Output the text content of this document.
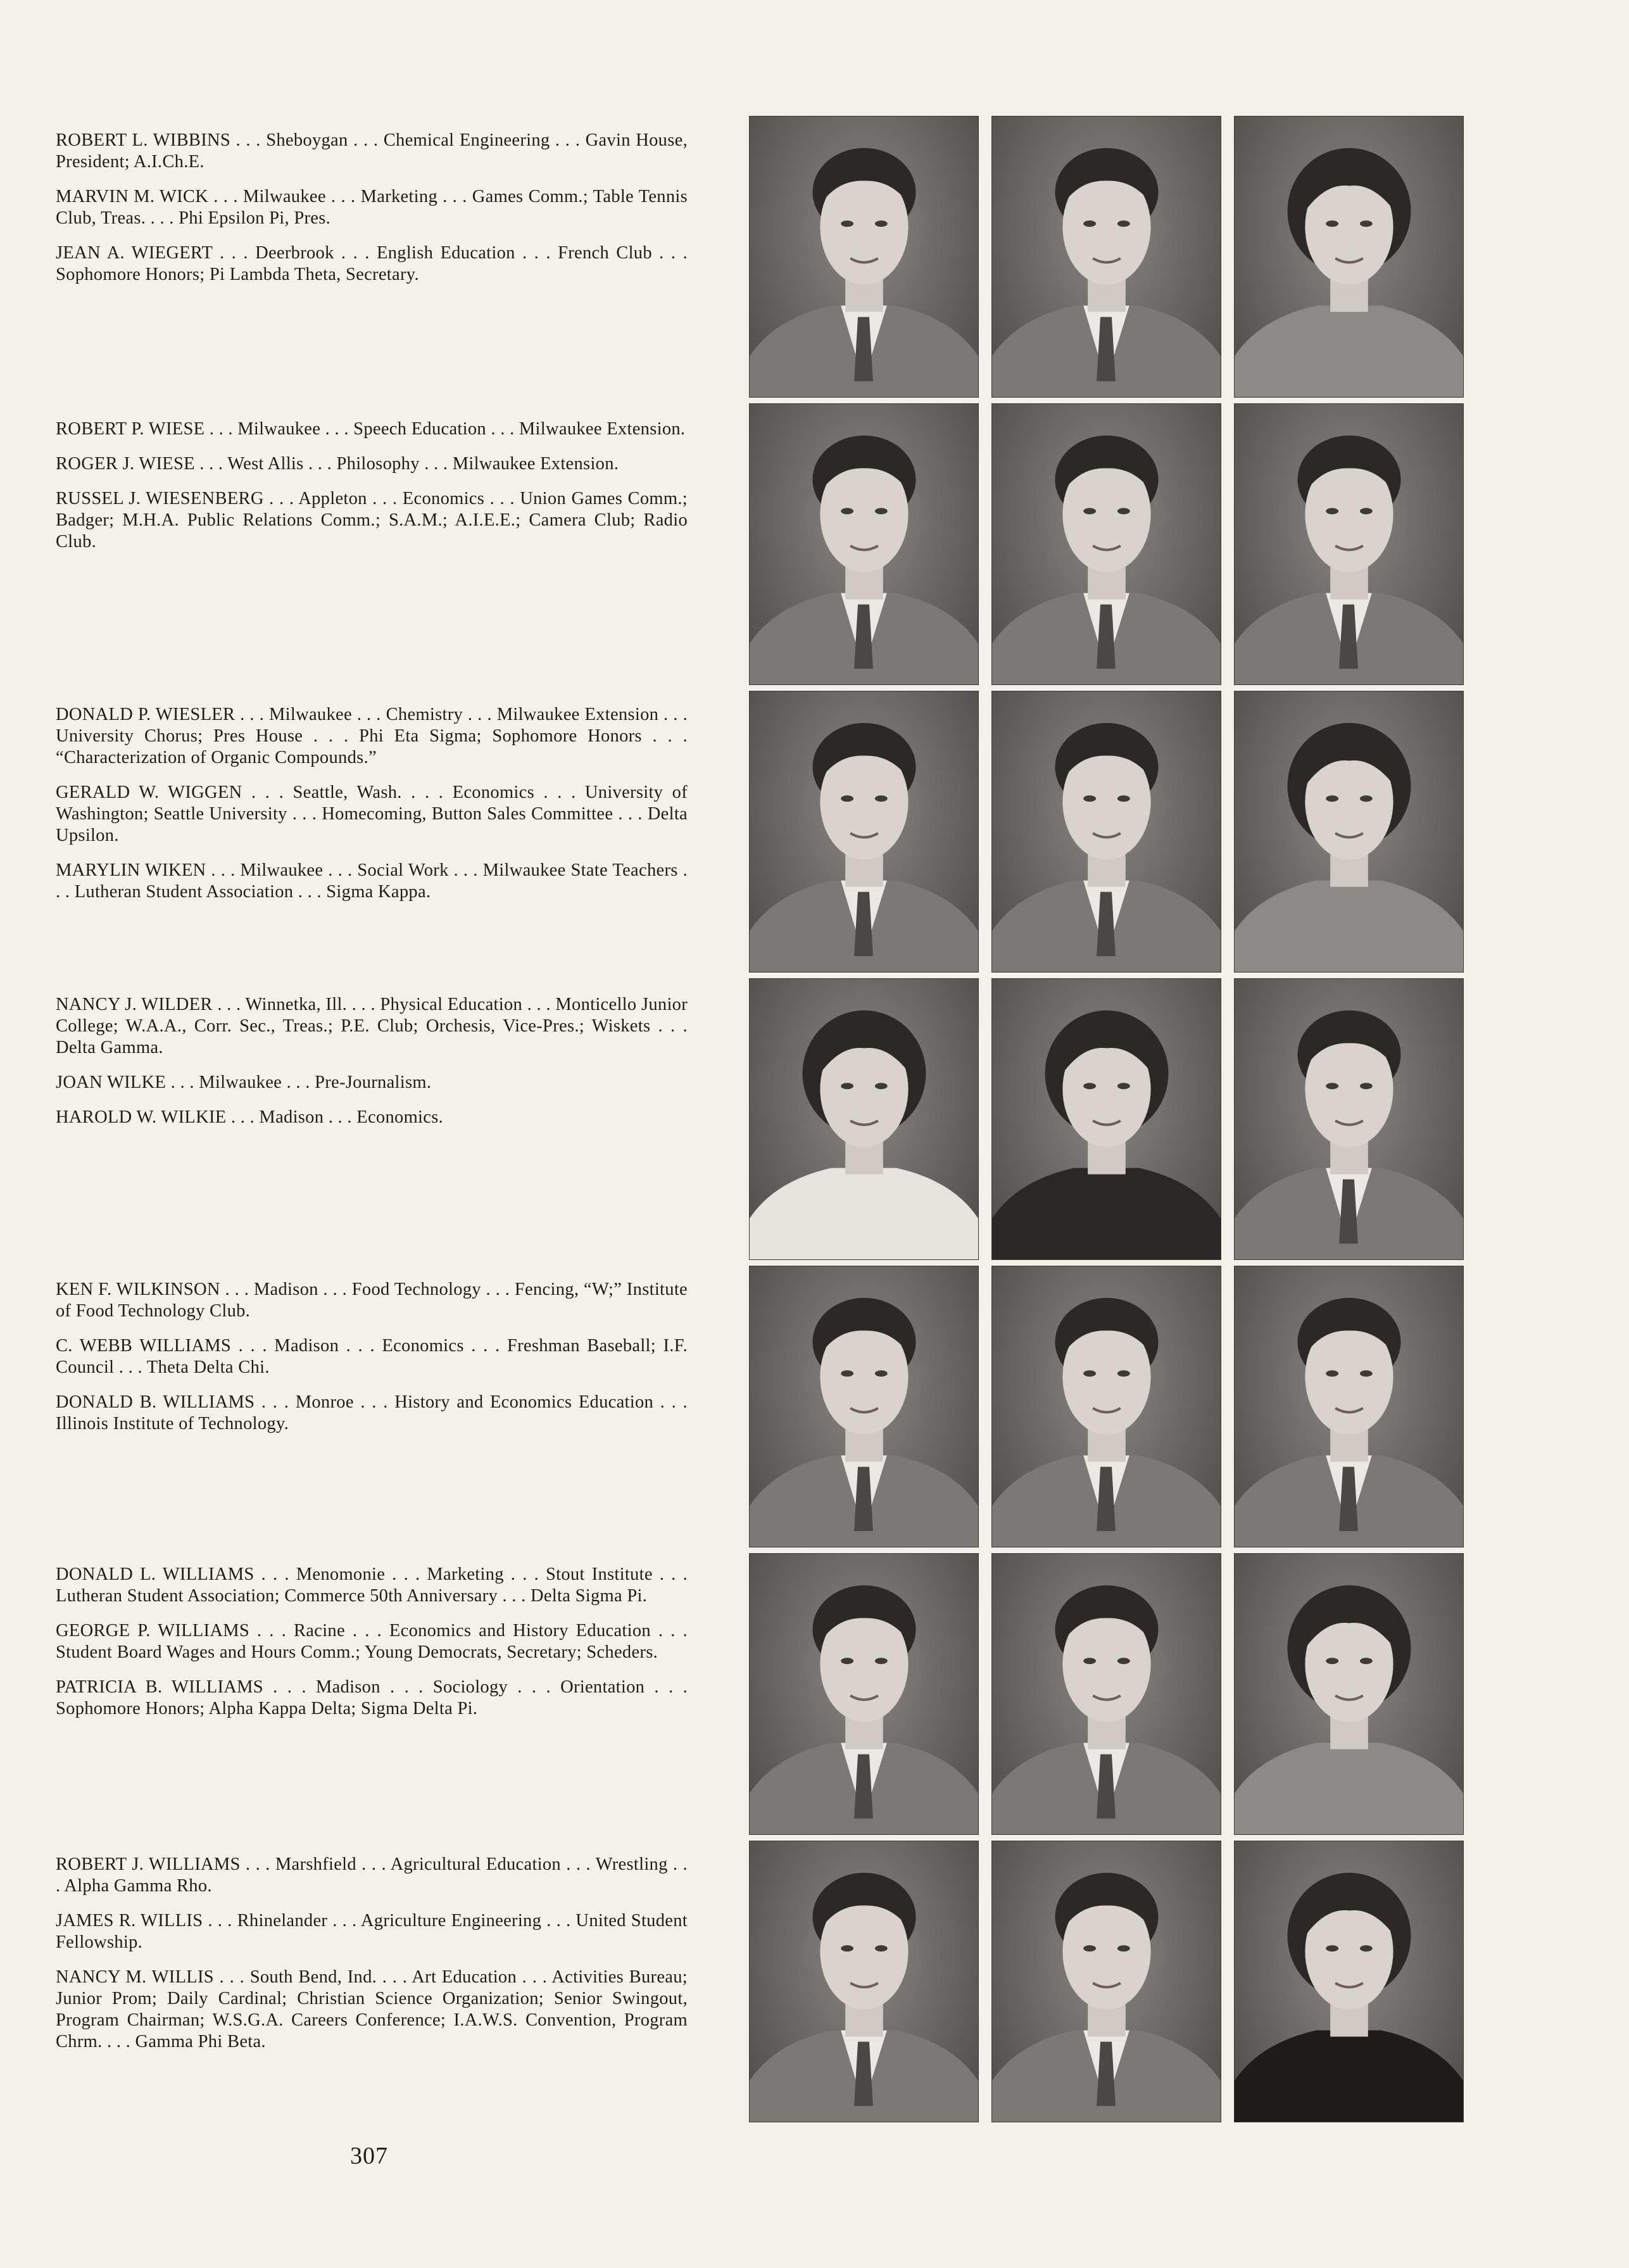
ROBERT L. WIBBINS . . . Sheboygan . . . Chemical Engineering . . . Gavin House, President; A.I.Ch.E.

MARVIN M. WICK . . . Milwaukee . . . Marketing . . . Games Comm.; Table Tennis Club, Treas. . . . Phi Epsilon Pi, Pres.

JEAN A. WIEGERT . . . Deerbrook . . . English Education . . . French Club . . . Sophomore Honors; Pi Lambda Theta, Secretary.

ROBERT P. WIESE . . . Milwaukee . . . Speech Education . . . Milwaukee Extension.

ROGER J. WIESE . . . West Allis . . . Philosophy . . . Milwaukee Extension.

RUSSEL J. WIESENBERG . . . Appleton . . . Economics . . . Union Games Comm.; Badger; M.H.A. Public Relations Comm.; S.A.M.; A.I.E.E.; Camera Club; Radio Club.

DONALD P. WIESLER . . . Milwaukee . . . Chemistry . . . Milwaukee Extension . . . University Chorus; Pres House . . . Phi Eta Sigma; Sophomore Honors . . . “Characterization of Organic Compounds.”

GERALD W. WIGGEN . . . Seattle, Wash. . . . Economics . . . University of Washington; Seattle University . . . Homecoming, Button Sales Committee . . . Delta Upsilon.

MARYLIN WIKEN . . . Milwaukee . . . Social Work . . . Milwaukee State Teachers . . . Lutheran Student Association . . . Sigma Kappa.

NANCY J. WILDER . . . Winnetka, Ill. . . . Physical Education . . . Monticello Junior College; W.A.A., Corr. Sec., Treas.; P.E. Club; Orchesis, Vice-Pres.; Wiskets . . . Delta Gamma.

JOAN WILKE . . . Milwaukee . . . Pre-Journalism.

HAROLD W. WILKIE . . . Madison . . . Economics.

KEN F. WILKINSON . . . Madison . . . Food Technology . . . Fencing, “W;” Institute of Food Technology Club.

C. WEBB WILLIAMS . . . Madison . . . Economics . . . Freshman Baseball; I.F. Council . . . Theta Delta Chi.

DONALD B. WILLIAMS . . . Monroe . . . History and Economics Education . . . Illinois Institute of Technology.

DONALD L. WILLIAMS . . . Menomonie . . . Marketing . . . Stout Institute . . . Lutheran Student Association; Commerce 50th Anniversary . . . Delta Sigma Pi.

GEORGE P. WILLIAMS . . . Racine . . . Economics and History Education . . . Student Board Wages and Hours Comm.; Young Democrats, Secretary; Scheders.

PATRICIA B. WILLIAMS . . . Madison . . . Sociology . . . Orientation . . . Sophomore Honors; Alpha Kappa Delta; Sigma Delta Pi.

ROBERT J. WILLIAMS . . . Marshfield . . . Agricultural Education . . . Wrestling . . . Alpha Gamma Rho.

JAMES R. WILLIS . . . Rhinelander . . . Agriculture Engineering . . . United Student Fellowship.

NANCY M. WILLIS . . . South Bend, Ind. . . . Art Education . . . Activities Bureau; Junior Prom; Daily Cardinal; Christian Science Organization; Senior Swingout, Program Chairman; W.S.G.A. Careers Conference; I.A.W.S. Convention, Program Chrm. . . . Gamma Phi Beta.

307
